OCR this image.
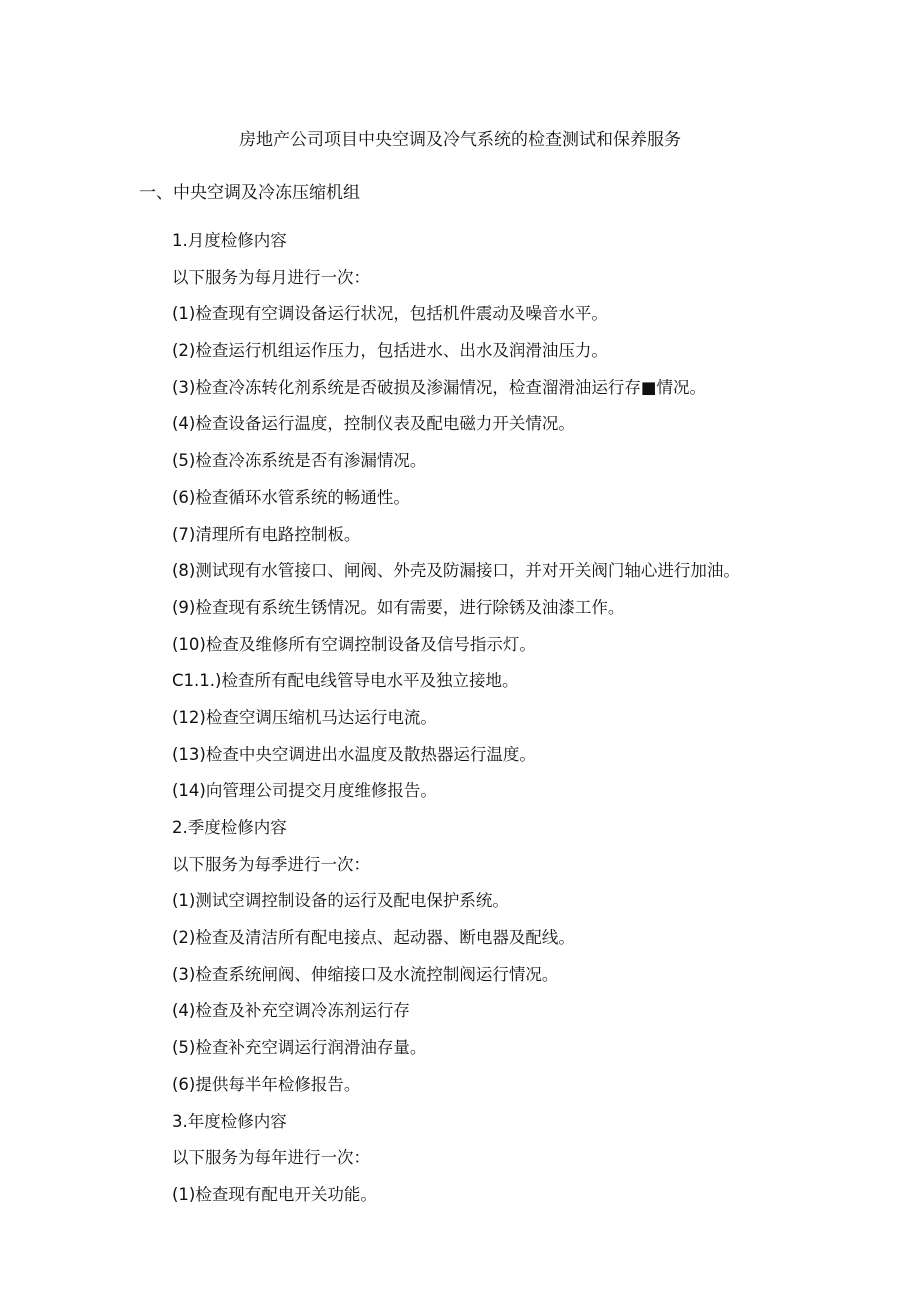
房地产公司项目中央空调及冷气系统的检查测试和保养服务
一、中央空调及冷冻压缩机组
1.月度检修内容
以下服务为每月进行一次：
(1)检查现有空调设备运行状况，包括机件震动及噪音水平。
(2)检查运行机组运作压力，包括进水、出水及润滑油压力。
(3)检查冷冻转化剂系统是否破损及渗漏情况，检查溜滑油运行存■情况。
(4)检查设备运行温度，控制仪表及配电磁力开关情况。
(5)检查冷冻系统是否有渗漏情况。
(6)检查循环水管系统的畅通性。
(7)清理所有电路控制板。
(8)测试现有水管接口、闸阀、外壳及防漏接口，并对开关阀门轴心进行加油。
(9)检查现有系统生锈情况。如有需要，进行除锈及油漆工作。
(10)检查及维修所有空调控制设备及信号指示灯。
C1.1.)检查所有配电线管导电水平及独立接地。
(12)检查空调压缩机马达运行电流。
(13)检查中央空调进出水温度及散热器运行温度。
(14)向管理公司提交月度维修报告。
2.季度检修内容
以下服务为每季进行一次：
(1)测试空调控制设备的运行及配电保护系统。
(2)检查及清洁所有配电接点、起动器、断电器及配线。
(3)检查系统闸阀、伸缩接口及水流控制阀运行情况。
(4)检查及补充空调冷冻剂运行存
(5)检查补充空调运行润滑油存量。
(6)提供每半年检修报告。
3.年度检修内容
以下服务为每年进行一次：
(1)检查现有配电开关功能。
